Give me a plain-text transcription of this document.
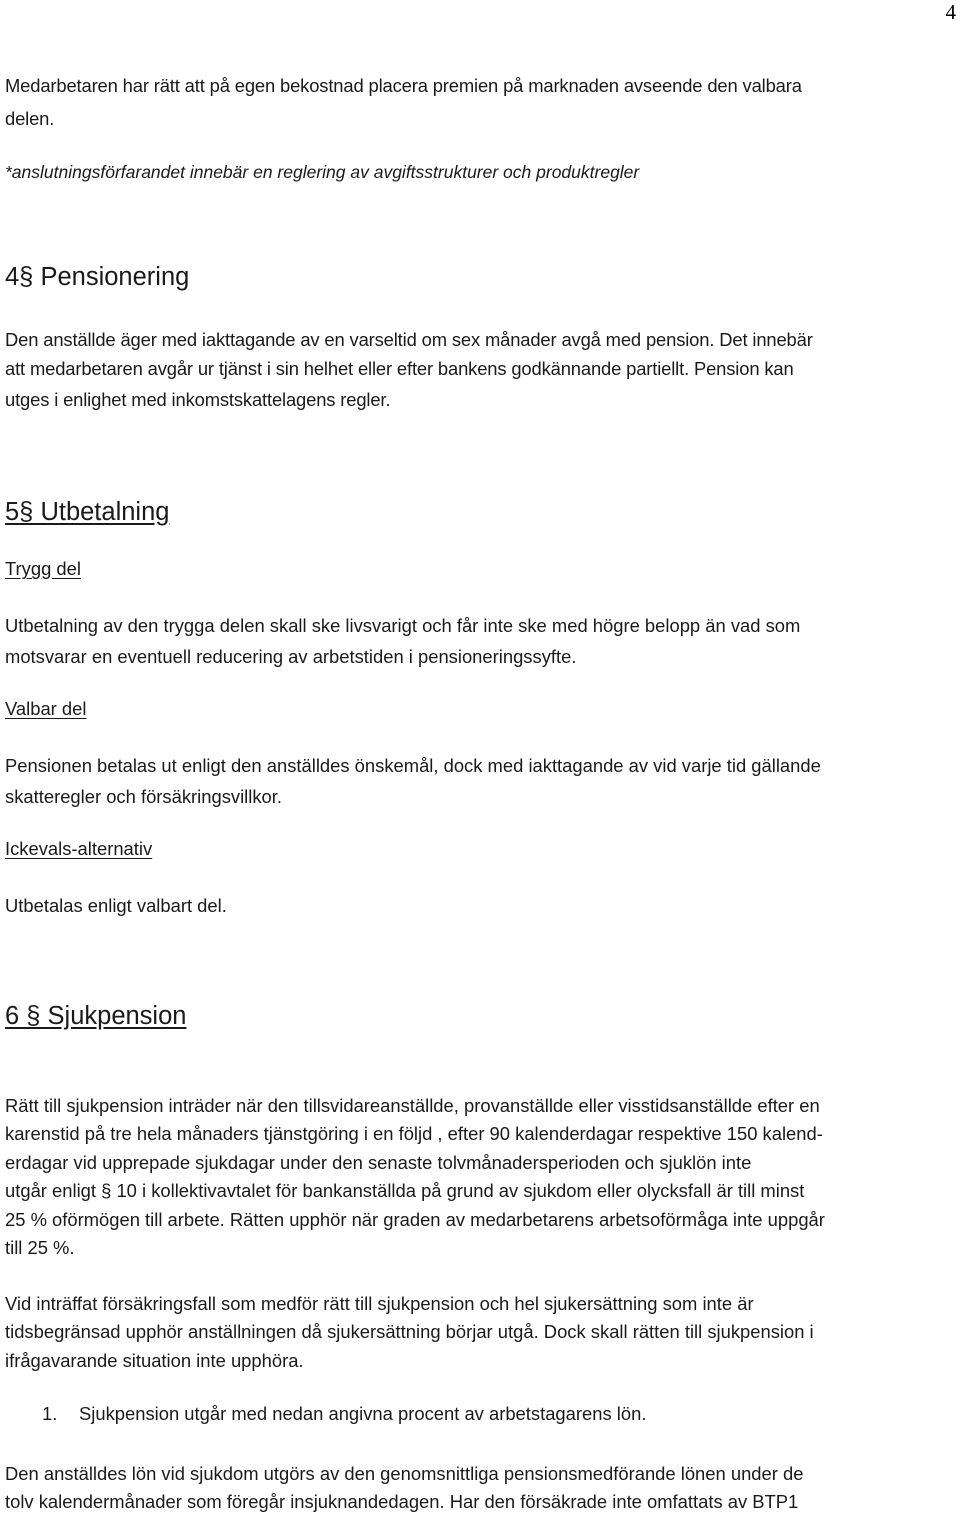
4

Medarbetaren har rätt att på egen bekostnad placera premien på marknaden avseende den valbara

delen.

*anslutningsförfarandet innebär en reglering av avgiftsstrukturer och produktregler

4§ Pensionering

Den anställde äger med iakttagande av en varseltid om sex månader avgå med pension. Det innebär

att medarbetaren avgår ur tjänst i sin helhet eller efter bankens godkännande partiellt. Pension kan

utges i enlighet med inkomstskattelagens regler.

5§ Utbetalning

Trygg del

Utbetalning av den trygga delen skall ske livsvarigt och får inte ske med högre belopp än vad som

motsvarar en eventuell reducering av arbetstiden i pensioneringssyfte.

Valbar del

Pensionen betalas ut enligt den anställdes önskemål, dock med iakttagande av vid varje tid gällande

skatteregler och försäkringsvillkor.

Ickevals-alternativ

Utbetalas enligt valbart del.

6 § Sjukpension

Rätt till sjukpension inträder när den tillsvidareanställde, provanställde eller visstidsanställde efter en

karenstid på tre hela månaders tjänstgöring i en följd , efter 90 kalenderdagar respektive 150 kalend-

erdagar vid upprepade sjukdagar under den senaste tolvmånadersperioden och sjuklön inte

utgår enligt § 10 i kollektivavtalet för bankanställda på grund av sjukdom eller olycksfall är till minst

25 % oförmögen till arbete. Rätten upphör när graden av medarbetarens arbetsoförmåga inte uppgår

till 25 %.

Vid inträffat försäkringsfall som medför rätt till sjukpension och hel sjukersättning som inte är

tidsbegränsad upphör anställningen då sjukersättning börjar utgå. Dock skall rätten till sjukpension i

ifrågavarande situation inte upphöra.

1. Sjukpension utgår med nedan angivna procent av arbetstagarens lön.

Den anställdes lön vid sjukdom utgörs av den genomsnittliga pensionsmedförande lönen under de

tolv kalendermånader som föregår insjuknandedagen. Har den försäkrade inte omfattats av BTP1
